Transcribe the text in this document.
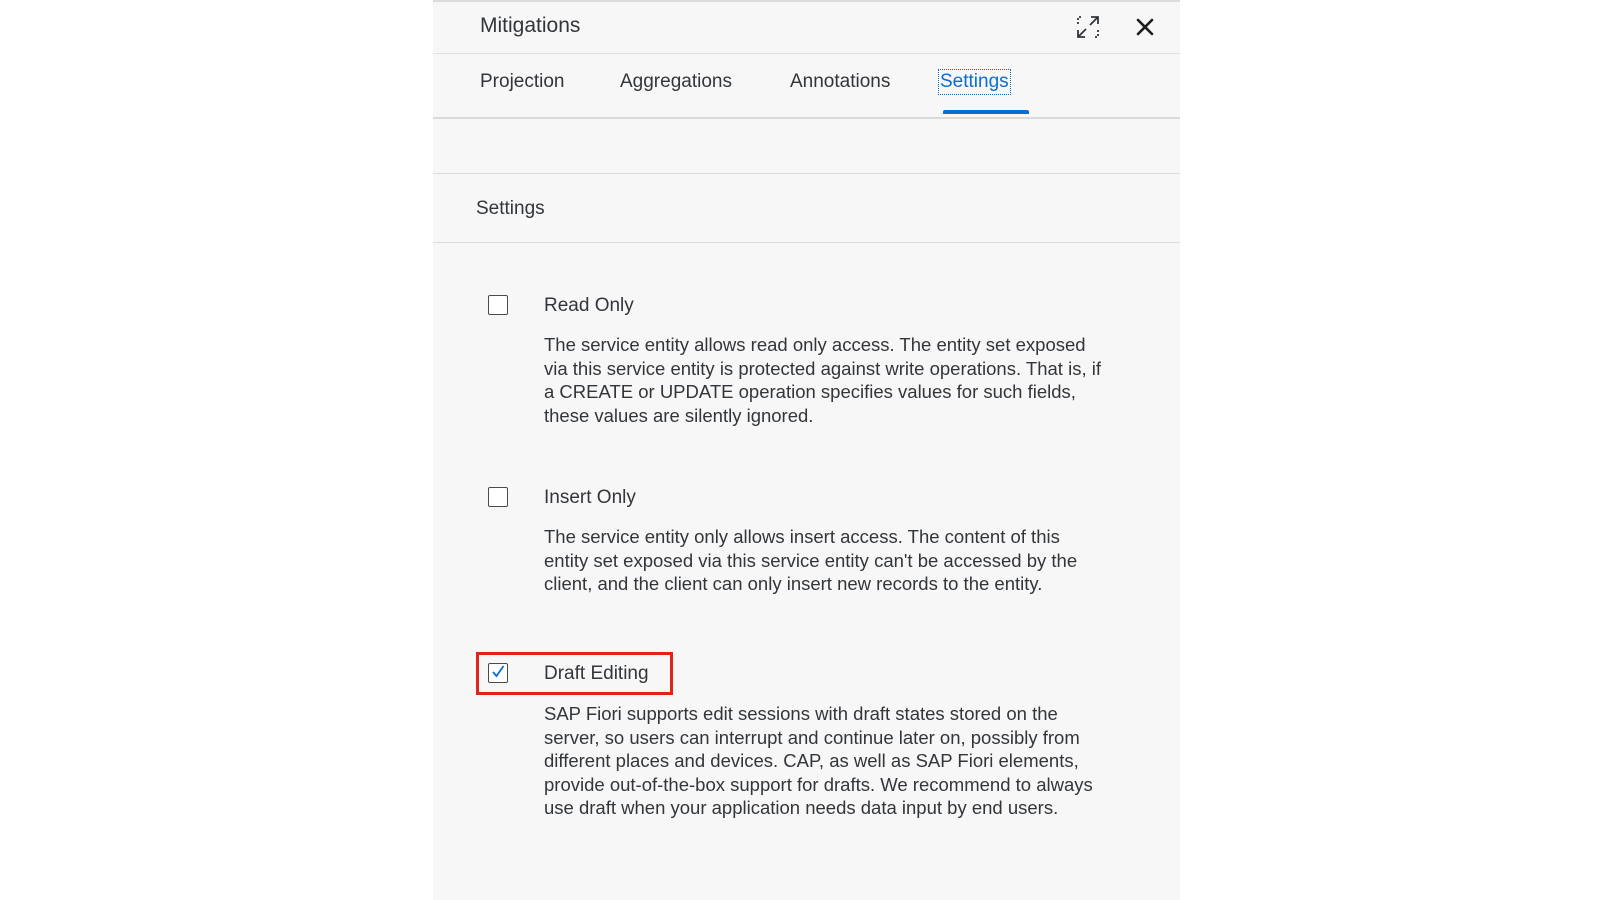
Mitigations
Projection	Aggregations	Annotations	Settings
Settings
Read Only
The service entity allows read only access. The entity set exposed via this service entity is protected against write operations. That is, if a CREATE or UPDATE operation specifies values for such fields, these values are silently ignored.
Insert Only
The service entity only allows insert access. The content of this entity set exposed via this service entity can't be accessed by the client, and the client can only insert new records to the entity.
Draft Editing
SAP Fiori supports edit sessions with draft states stored on the server, so users can interrupt and continue later on, possibly from different places and devices. CAP, as well as SAP Fiori elements, provide out-of-the-box support for drafts. We recommend to always use draft when your application needs data input by end users.
